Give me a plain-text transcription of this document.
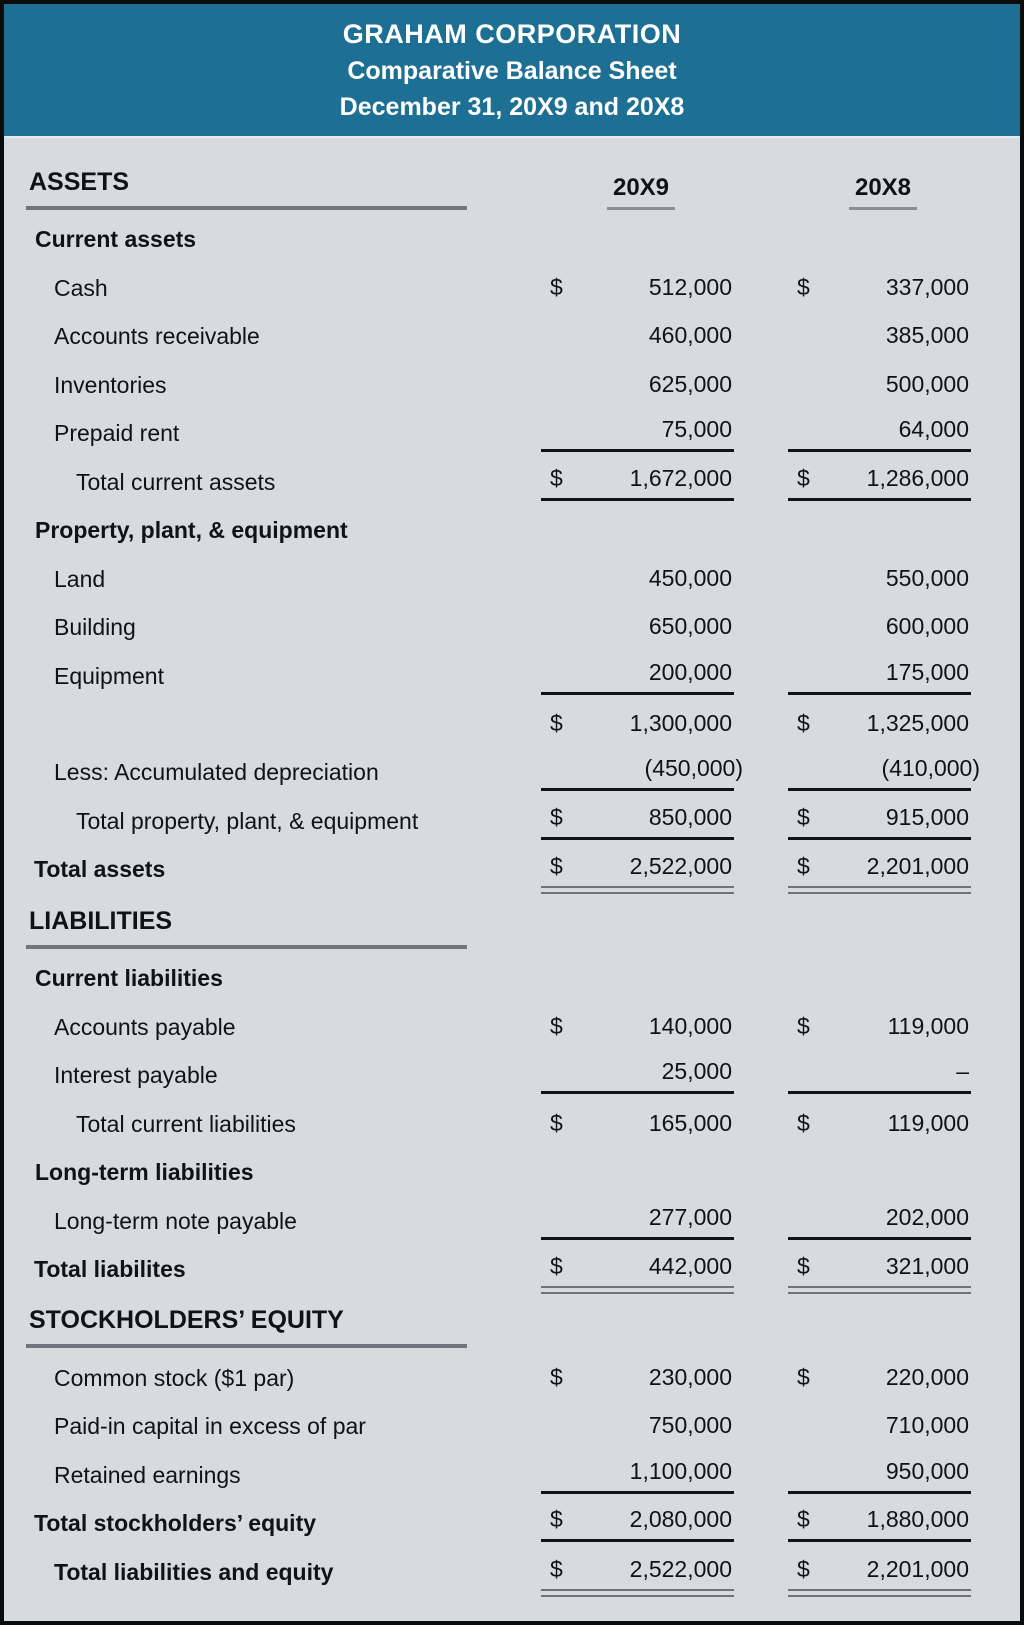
GRAHAM CORPORATION
Comparative Balance Sheet
December 31, 20X9 and 20X8
ASSETS	20X9	20X8
Current assets
Cash	$	512,000	$	337,000
Accounts receivable	460,000	385,000
Inventories	625,000	500,000
Prepaid rent	75,000	64,000
Total current assets	$	1,672,000	$ 1,286,000
Property, plant, & equipment
Land	450,000	550,000
Building	650,000	600,000
Equipment	200,000	175,000
$	1,300,000	$ 1,325,000
Less: Accumulated depreciation	(450,000)	(410,000)
Total property, plant, & equipment	$	850,000	$	915,000
Total assets	$	2,522,000	$ 2,201,000
LIABILITIES
Current liabilities
Accounts payable	$	140,000	$	119,000
Interest payable	25,000	–
Total current liabilities	$	165,000	$	119,000
Long-term liabilities
Long-term note payable	277,000	202,000
Total liabilites	$	442,000	$	321,000
STOCKHOLDERS’ EQUITY
Common stock ($1 par)	$	230,000	$	220,000
Paid-in capital in excess of par	750,000	710,000
Retained earnings	1,100,000	950,000
Total stockholders’ equity	$	2,080,000	$ 1,880,000
Total liabilities and equity	$	2,522,000	$ 2,201,000
